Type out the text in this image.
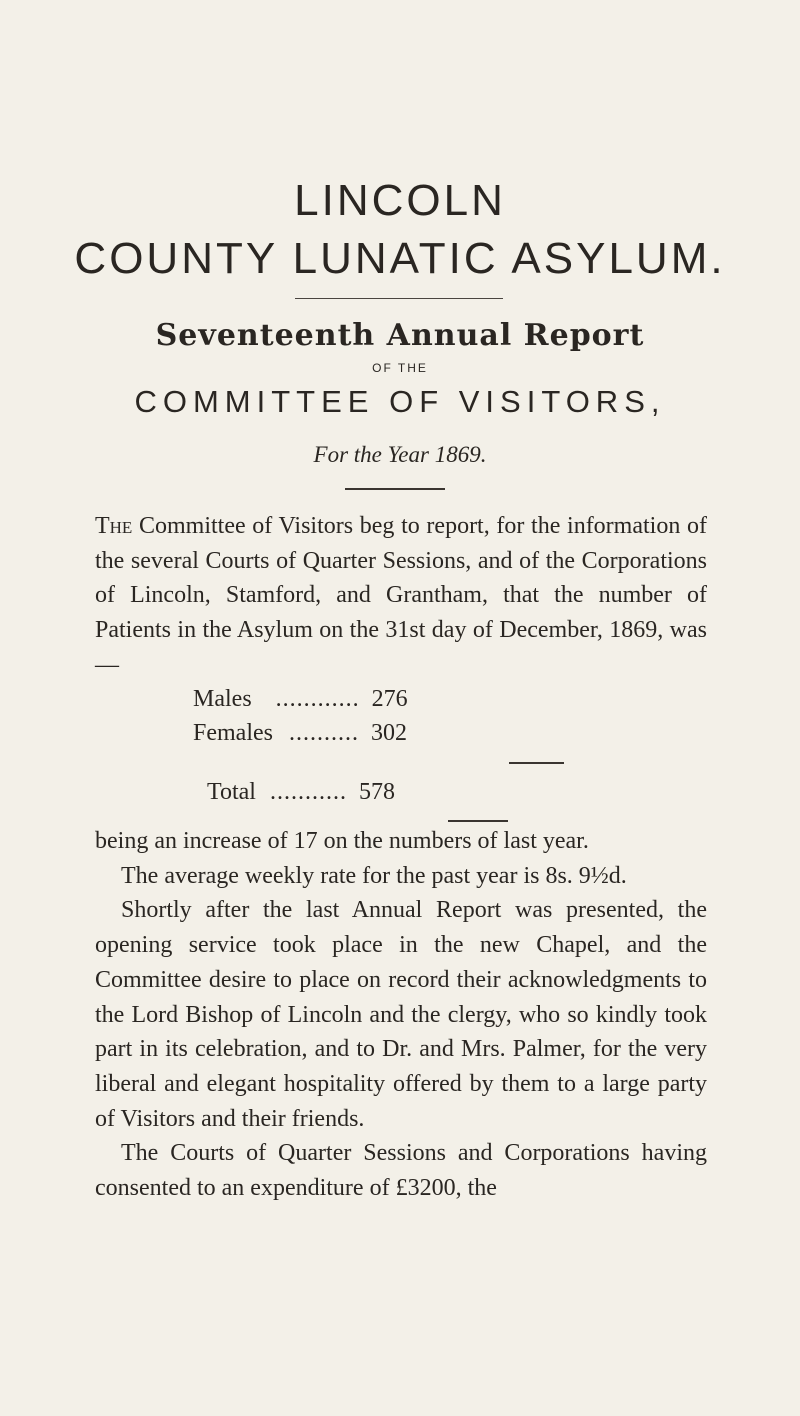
LINCOLN
COUNTY LUNATIC ASYLUM.
Seventeenth Annual Report
OF THE
COMMITTEE OF VISITORS,
For the Year 1869.

The Committee of Visitors beg to report, for the information of the several Courts of Quarter Sessions, and of the Corporations of Lincoln, Stamford, and Grantham, that the number of Patients in the Asylum on the 31st day of December, 1869, was—

Males ............ 276
Females .......... 302
Total ........... 578

being an increase of 17 on the numbers of last year.

The average weekly rate for the past year is 8s. 9½d.

Shortly after the last Annual Report was presented, the opening service took place in the new Chapel, and the Committee desire to place on record their acknowledgments to the Lord Bishop of Lincoln and the clergy, who so kindly took part in its celebration, and to Dr. and Mrs. Palmer, for the very liberal and elegant hospitality offered by them to a large party of Visitors and their friends.

The Courts of Quarter Sessions and Corporations having consented to an expenditure of £3200, the
